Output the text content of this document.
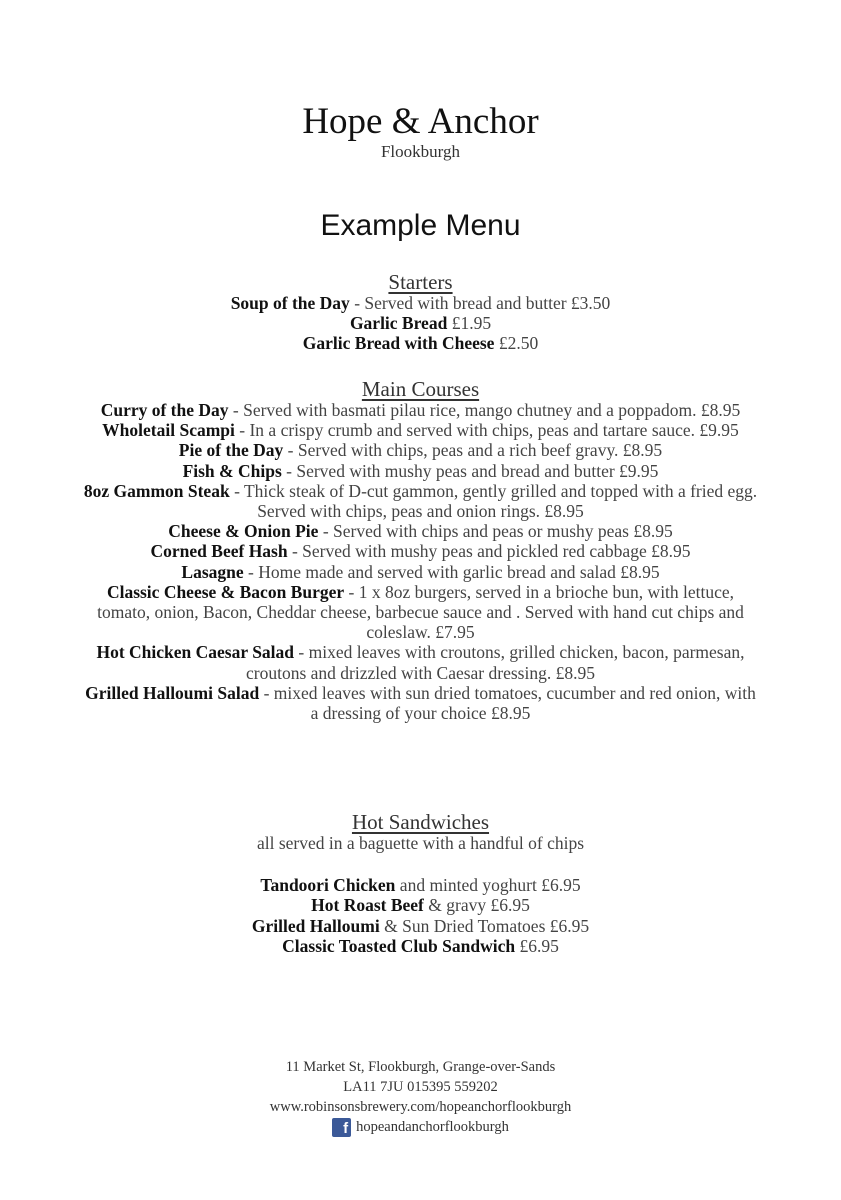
Hope & Anchor
Flookburgh
Example Menu
Starters
Soup of the Day - Served with bread and butter £3.50
Garlic Bread £1.95
Garlic Bread with Cheese £2.50
Main Courses
Curry of the Day - Served with basmati pilau rice, mango chutney and a poppadom. £8.95
Wholetail Scampi - In a crispy crumb and served with chips, peas and tartare sauce. £9.95
Pie of the Day - Served with chips, peas and a rich beef gravy. £8.95
Fish & Chips - Served with mushy peas and bread and butter £9.95
8oz Gammon Steak - Thick steak of D-cut gammon, gently grilled and topped with a fried egg. Served with chips, peas and onion rings. £8.95
Cheese & Onion Pie - Served with chips and peas or mushy peas £8.95
Corned Beef Hash - Served with mushy peas and pickled red cabbage £8.95
Lasagne - Home made and served with garlic bread and salad £8.95
Classic Cheese & Bacon Burger - 1 x 8oz burgers, served in a brioche bun, with lettuce, tomato, onion, Bacon, Cheddar cheese, barbecue sauce and . Served with hand cut chips and coleslaw. £7.95
Hot Chicken Caesar Salad - mixed leaves with croutons, grilled chicken, bacon, parmesan, croutons and drizzled with Caesar dressing. £8.95
Grilled Halloumi Salad - mixed leaves with sun dried tomatoes, cucumber and red onion, with a dressing of your choice £8.95
Hot Sandwiches
all served in a baguette with a handful of chips
Tandoori Chicken and minted yoghurt £6.95
Hot Roast Beef & gravy £6.95
Grilled Halloumi & Sun Dried Tomatoes £6.95
Classic Toasted Club Sandwich £6.95
11 Market St, Flookburgh, Grange-over-Sands
LA11 7JU 015395 559202
www.robinsonsbrewery.com/hopeanchorflookburgh
f hopeandanchorflookburgh
